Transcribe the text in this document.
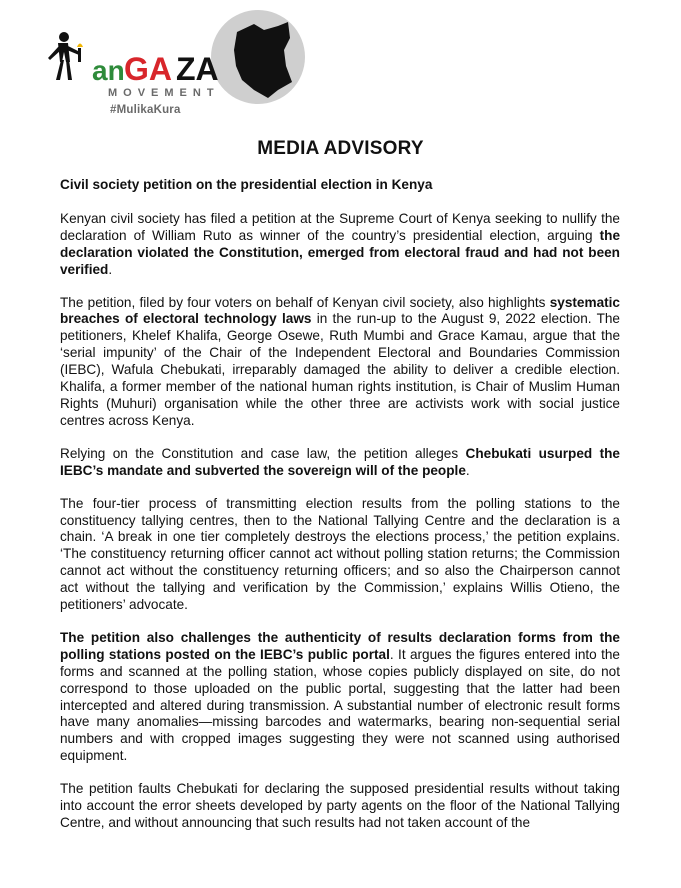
an GA ZA
MOVEMENT
#MulikaKura
MEDIA ADVISORY

Civil society petition on the presidential election in Kenya

Kenyan civil society has filed a petition at the Supreme Court of Kenya seeking to nullify the declaration of William Ruto as winner of the country’s presidential election, arguing the declaration violated the Constitution, emerged from electoral fraud and had not been verified.

The petition, filed by four voters on behalf of Kenyan civil society, also highlights systematic breaches of electoral technology laws in the run-up to the August 9, 2022 election. The petitioners, Khelef Khalifa, George Osewe, Ruth Mumbi and Grace Kamau, argue that the ‘serial impunity’ of the Chair of the Independent Electoral and Boundaries Commission (IEBC), Wafula Chebukati, irreparably damaged the ability to deliver a credible election. Khalifa, a former member of the national human rights institution, is Chair of Muslim Human Rights (Muhuri) organisation while the other three are activists work with social justice centres across Kenya.

Relying on the Constitution and case law, the petition alleges Chebukati usurped the IEBC’s mandate and subverted the sovereign will of the people.

The four-tier process of transmitting election results from the polling stations to the constituency tallying centres, then to the National Tallying Centre and the declaration is a chain. ‘A break in one tier completely destroys the elections process,’ the petition explains. ‘The constituency returning officer cannot act without polling station returns; the Commission cannot act without the constituency returning officers; and so also the Chairperson cannot act without the tallying and verification by the Commission,’ explains Willis Otieno, the petitioners’ advocate.

The petition also challenges the authenticity of results declaration forms from the polling stations posted on the IEBC’s public portal. It argues the figures entered into the forms and scanned at the polling station, whose copies publicly displayed on site, do not correspond to those uploaded on the public portal, suggesting that the latter had been intercepted and altered during transmission. A substantial number of electronic result forms have many anomalies—missing barcodes and watermarks, bearing non-sequential serial numbers and with cropped images suggesting they were not scanned using authorised equipment.

The petition faults Chebukati for declaring the supposed presidential results without taking into account the error sheets developed by party agents on the floor of the National Tallying Centre, and without announcing that such results had not taken account of the
